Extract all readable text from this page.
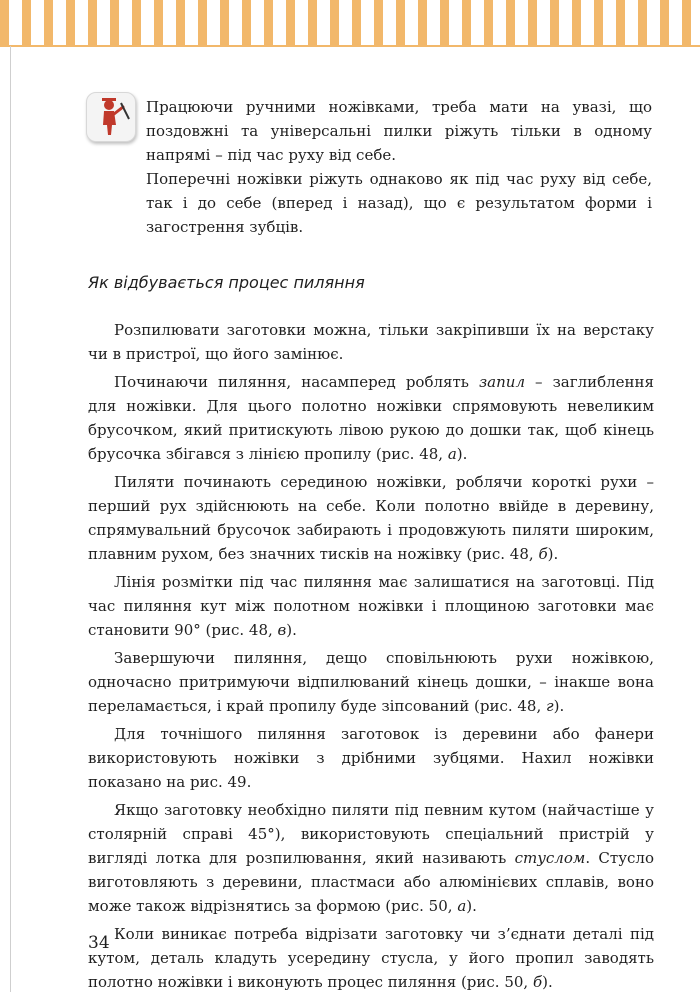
Працюючи ручними ножівками, треба мати на увазі, що поздовжні та універсальні пилки ріжуть тільки в одному напрямі – під час руху від себе.

Поперечні ножівки ріжуть однаково як під час руху від себе, так і до себе (вперед і назад), що є результатом форми і загострення зубців.

Як відбувається процес пиляння

Розпилювати заготовки можна, тільки закріпивши їх на верстаку чи в пристрої, що його замінює.

Починаючи пиляння, насамперед роблять запил – заглиблення для ножівки. Для цього полотно ножівки спрямовують невеликим брусочком, який притискують лівою рукою до дошки так, щоб кінець брусочка збігався з лінією пропилу (рис. 48, а).

Пиляти починають серединою ножівки, роблячи короткі рухи – перший рух здійснюють на себе. Коли полотно ввійде в деревину, спрямувальний брусочок забирають і продовжують пиляти широким, плавним рухом, без значних тисків на ножівку (рис. 48, б).

Лінія розмітки під час пиляння має залишатися на заготовці. Під час пиляння кут між полотном ножівки і площиною заготовки має становити 90° (рис. 48, в).

Завершуючи пиляння, дещо сповільнюють рухи ножівкою, одночасно притримуючи відпилюваний кінець дошки, – інакше вона переламається, і край пропилу буде зіпсований (рис. 48, г).

Для точнішого пиляння заготовок із деревини або фанери використовують ножівки з дрібними зубцями. Нахил ножівки показано на рис. 49.

Якщо заготовку необхідно пиляти під певним кутом (найчастіше у столярній справі 45°), використовують спеціальний пристрій у вигляді лотка для розпилювання, який називають стуслом. Стусло виготовляють з деревини, пластмаси або алюмінієвих сплавів, воно може також відрізнятись за формою (рис. 50, а).

Коли виникає потреба відрізати заготовку чи з’єднати деталі під кутом, деталь кладуть усередину стусла, у його пропил заводять полотно ножівки і виконують процес пиляння (рис. 50, б).

34
